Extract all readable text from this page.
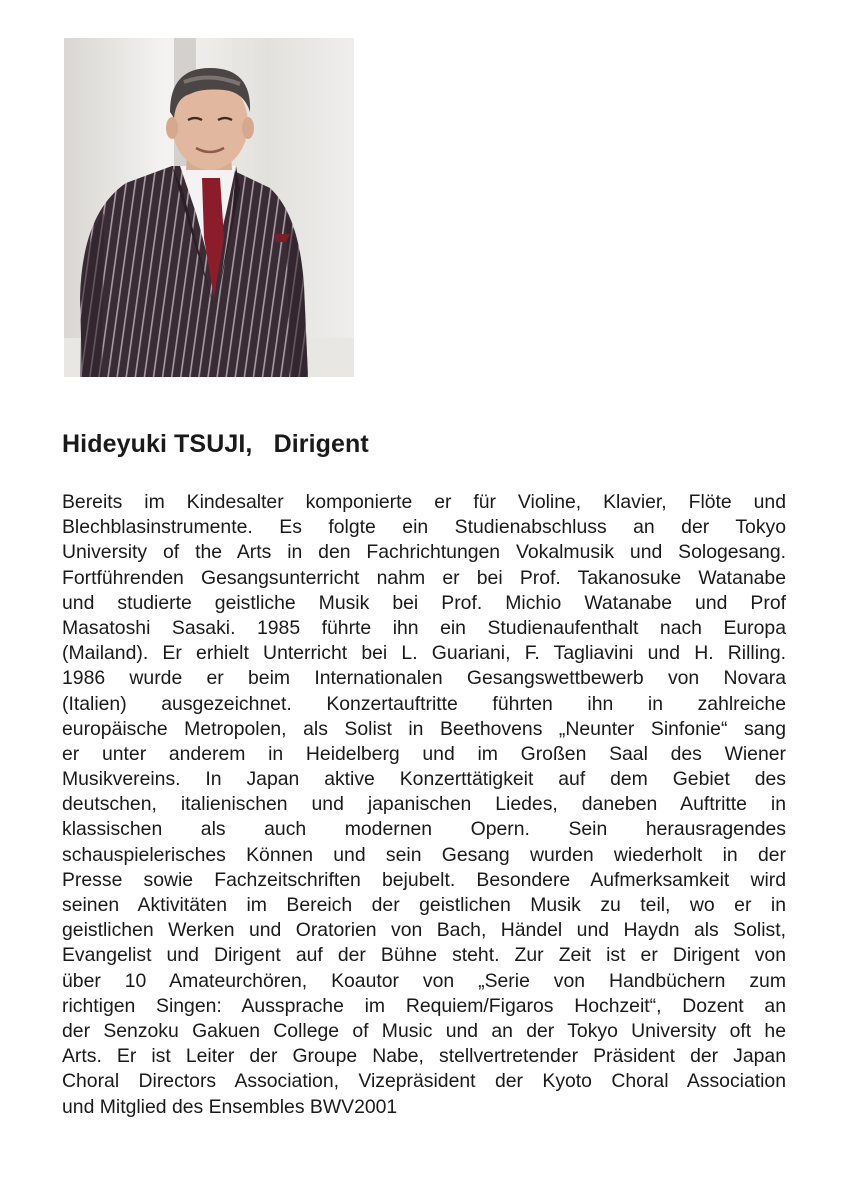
Hideyuki TSUJI, Dirigent
Bereits im Kindesalter komponierte er für Violine, Klavier, Flöte und
Blechblasinstrumente. Es folgte ein Studienabschluss an der Tokyo
University of the Arts in den Fachrichtungen Vokalmusik und Sologesang.
Fortführenden Gesangsunterricht nahm er bei Prof. Takanosuke Watanabe
und studierte geistliche Musik bei Prof. Michio Watanabe und Prof
Masatoshi Sasaki. 1985 führte ihn ein Studienaufenthalt nach Europa
(Mailand). Er erhielt Unterricht bei L. Guariani, F. Tagliavini und H. Rilling.
1986 wurde er beim Internationalen Gesangswettbewerb von Novara
(Italien) ausgezeichnet. Konzertauftritte führten ihn in zahlreiche
europäische Metropolen, als Solist in Beethovens „Neunter Sinfonie“ sang
er unter anderem in Heidelberg und im Großen Saal des Wiener
Musikvereins. In Japan aktive Konzerttätigkeit auf dem Gebiet des
deutschen, italienischen und japanischen Liedes, daneben Auftritte in
klassischen als auch modernen Opern. Sein herausragendes
schauspielerisches Können und sein Gesang wurden wiederholt in der
Presse sowie Fachzeitschriften bejubelt. Besondere Aufmerksamkeit wird
seinen Aktivitäten im Bereich der geistlichen Musik zu teil, wo er in
geistlichen Werken und Oratorien von Bach, Händel und Haydn als Solist,
Evangelist und Dirigent auf der Bühne steht. Zur Zeit ist er Dirigent von
über 10 Amateurchören, Koautor von „Serie von Handbüchern zum
richtigen Singen: Aussprache im Requiem/Figaros Hochzeit“, Dozent an
der Senzoku Gakuen College of Music und an der Tokyo University oft he
Arts. Er ist Leiter der Groupe Nabe, stellvertretender Präsident der Japan
Choral Directors Association, Vizepräsident der Kyoto Choral Association
und Mitglied des Ensembles BWV2001
